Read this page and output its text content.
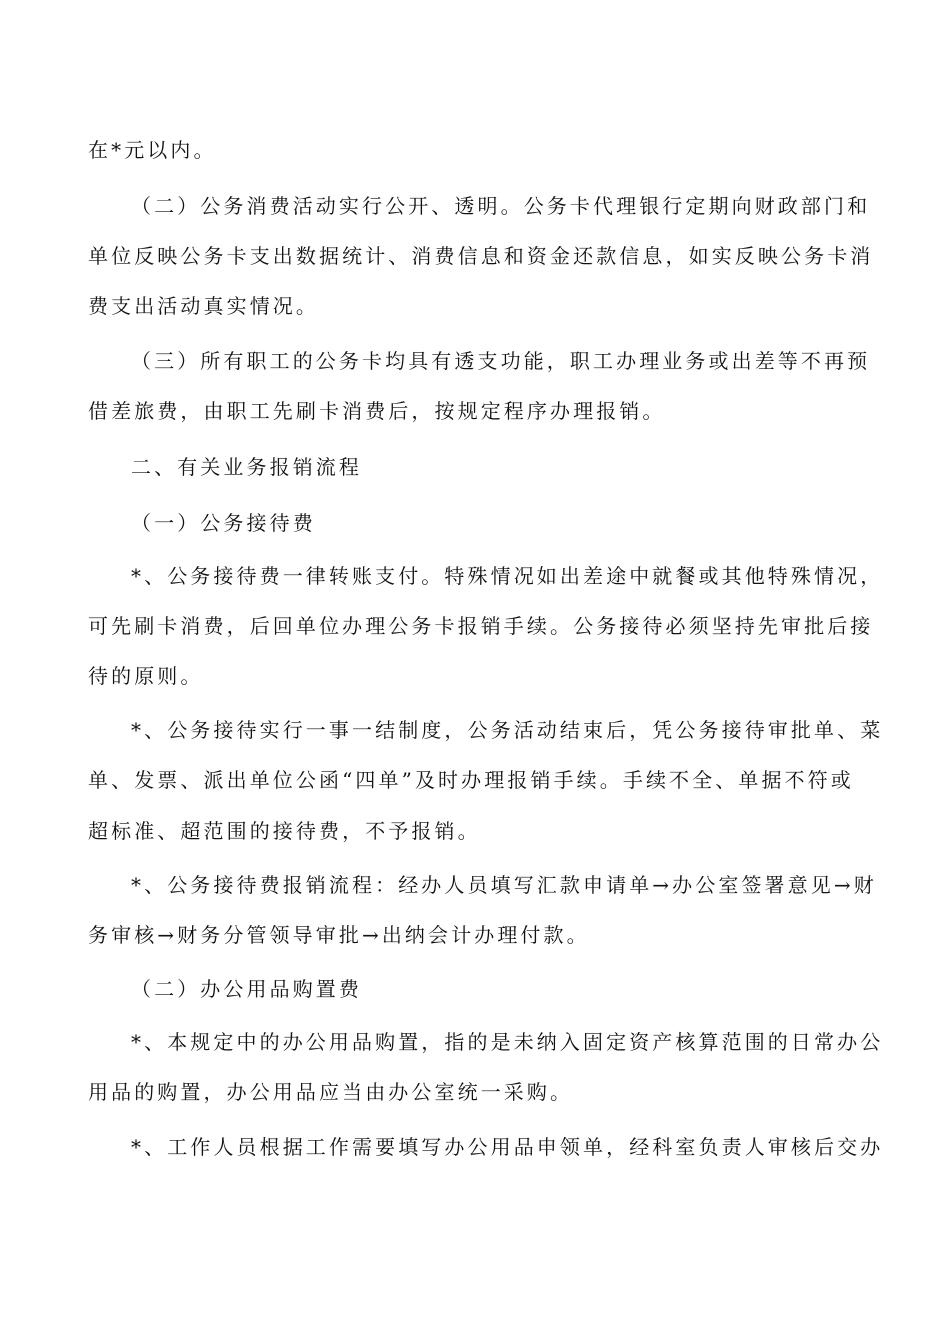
在*元以内。
（二）公务消费活动实行公开、透明。公务卡代理银行定期向财政部门和
单位反映公务卡支出数据统计、消费信息和资金还款信息，如实反映公务卡消
费支出活动真实情况。
（三）所有职工的公务卡均具有透支功能，职工办理业务或出差等不再预
借差旅费，由职工先刷卡消费后，按规定程序办理报销。
二、有关业务报销流程
（一）公务接待费
*、公务接待费一律转账支付。特殊情况如出差途中就餐或其他特殊情况，
可先刷卡消费，后回单位办理公务卡报销手续。公务接待必须坚持先审批后接
待的原则。
*、公务接待实行一事一结制度，公务活动结束后，凭公务接待审批单、菜
单、发票、派出单位公函“四单”及时办理报销手续。手续不全、单据不符或
超标准、超范围的接待费，不予报销。
*、公务接待费报销流程：经办人员填写汇款申请单→办公室签署意见→财
务审核→财务分管领导审批→出纳会计办理付款。
（二）办公用品购置费
*、本规定中的办公用品购置，指的是未纳入固定资产核算范围的日常办公
用品的购置，办公用品应当由办公室统一采购。
*、工作人员根据工作需要填写办公用品申领单，经科室负责人审核后交办
